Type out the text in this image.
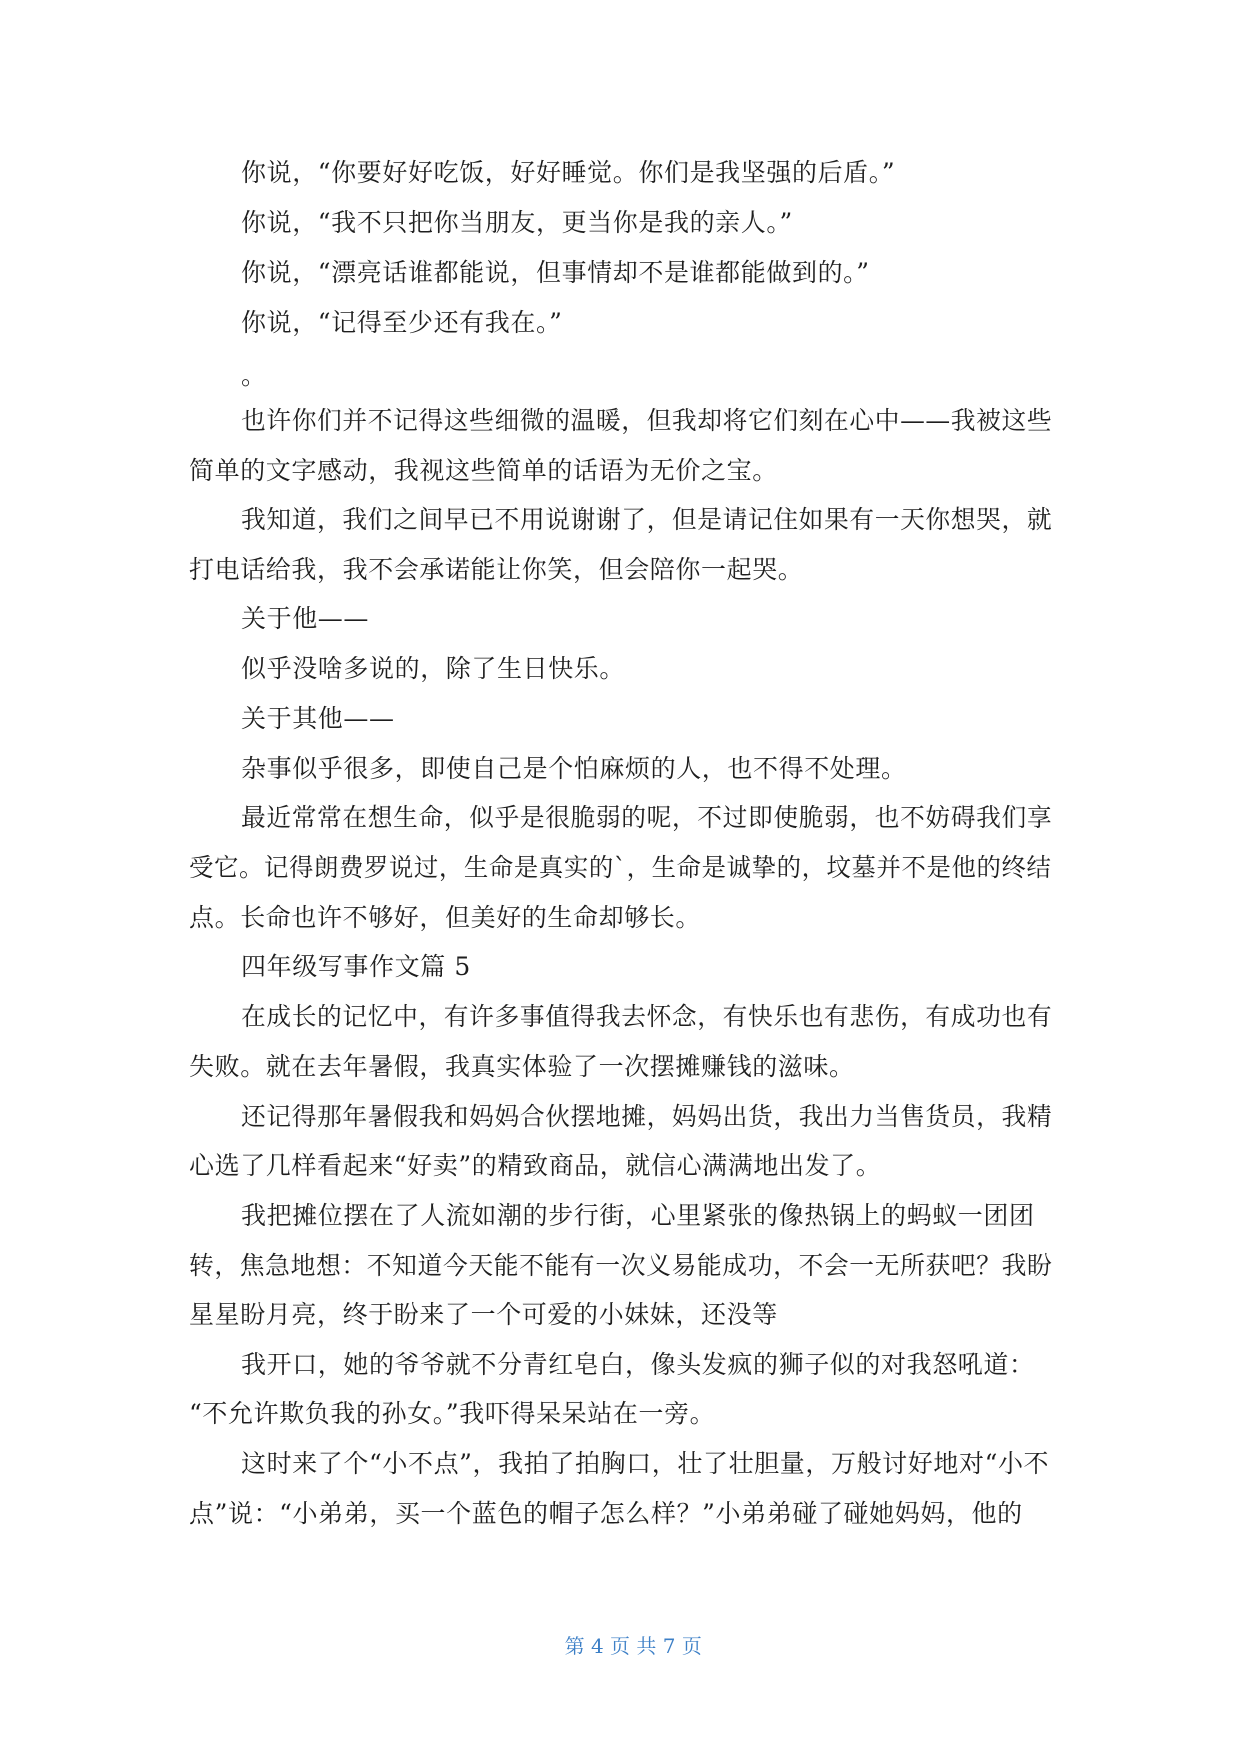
你说，“你要好好吃饭，好好睡觉。你们是我坚强的后盾。”
你说，“我不只把你当朋友，更当你是我的亲人。”
你说，“漂亮话谁都能说，但事情却不是谁都能做到的。”
你说，“记得至少还有我在。”
。
也许你们并不记得这些细微的温暖，但我却将它们刻在心中——我被这些
简单的文字感动，我视这些简单的话语为无价之宝。
我知道，我们之间早已不用说谢谢了，但是请记住如果有一天你想哭，就
打电话给我，我不会承诺能让你笑，但会陪你一起哭。
关于他——
似乎没啥多说的，除了生日快乐。
关于其他——
杂事似乎很多，即使自己是个怕麻烦的人，也不得不处理。
最近常常在想生命，似乎是很脆弱的呢，不过即使脆弱，也不妨碍我们享
受它。记得朗费罗说过，生命是真实的`，生命是诚挚的，坟墓并不是他的终结
点。长命也许不够好，但美好的生命却够长。
四年级写事作文篇 5
在成长的记忆中，有许多事值得我去怀念，有快乐也有悲伤，有成功也有
失败。就在去年暑假，我真实体验了一次摆摊赚钱的滋味。
还记得那年暑假我和妈妈合伙摆地摊，妈妈出货，我出力当售货员，我精
心选了几样看起来“好卖”的精致商品，就信心满满地出发了。
我把摊位摆在了人流如潮的步行街，心里紧张的像热锅上的蚂蚁一团团
转，焦急地想：不知道今天能不能有一次义易能成功，不会一无所获吧？我盼
星星盼月亮，终于盼来了一个可爱的小妹妹，还没等
我开口，她的爷爷就不分青红皂白，像头发疯的狮子似的对我怒吼道：
“不允许欺负我的孙女。”我吓得呆呆站在一旁。
这时来了个“小不点”，我拍了拍胸口，壮了壮胆量，万般讨好地对“小不
点”说：“小弟弟，买一个蓝色的帽子怎么样？”小弟弟碰了碰她妈妈，他的

第 4 页 共 7 页
